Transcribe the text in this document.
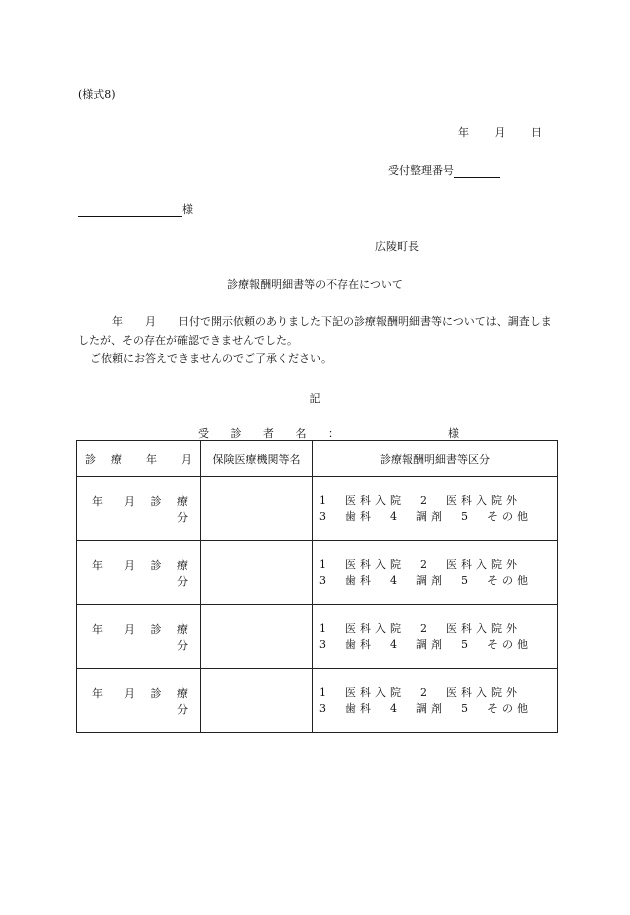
(様式8)
年 月 日
受付整理番号
様
広陵町長
診療報酬明細書等の不存在について
年 月 日付で開示依頼のありました下記の診療報酬明細書等については、調査しましたが、その存在が確認できませんでした。
ご依頼にお答えできませんのでご了承ください。
記
受 診 者 名 ：	様
診　療 年 月	保険医療機関等名	診療報酬明細書等区分
年 月 診 療 分		1　医科入院　2　医科入院外
3　歯科　4　調剤　5　その他
年 月 診 療 分		1　医科入院　2　医科入院外
3　歯科　4　調剤　5　その他
年 月 診 療 分		1　医科入院　2　医科入院外
3　歯科　4　調剤　5　その他
年 月 診 療 分		1　医科入院　2　医科入院外
3　歯科　4　調剤　5　その他
